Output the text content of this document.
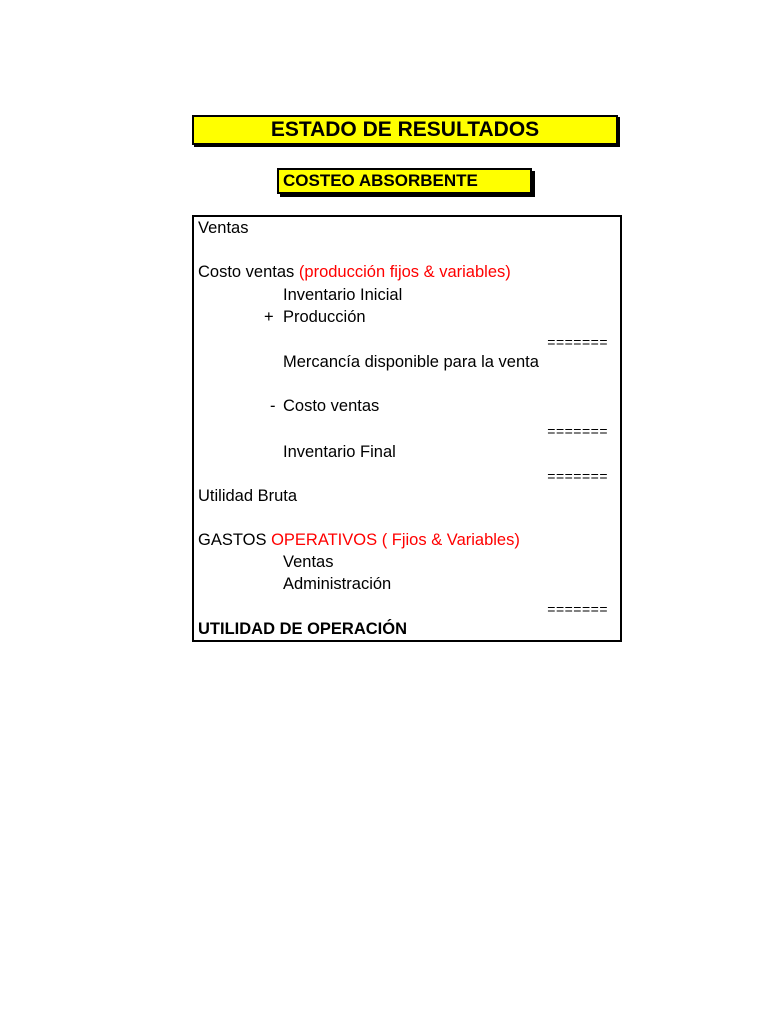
ESTADO DE RESULTADOS
COSTEO ABSORBENTE
Ventas
Costo ventas (producción fijos & variables)
Inventario Inicial
+ Producción
=======
Mercancía disponible para la venta
- Costo ventas
=======
Inventario Final
=======
Utilidad Bruta
GASTOS OPERATIVOS ( Fjios & Variables)
Ventas
Administración
=======
UTILIDAD DE OPERACIÓN
